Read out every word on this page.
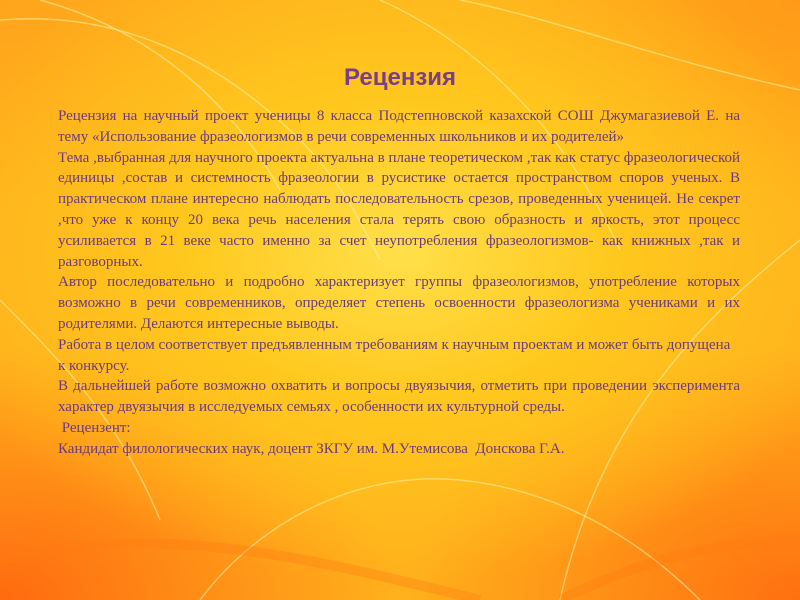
Рецензия

Рецензия на научный проект ученицы 8 класса Подстепновской казахской СОШ Джумагазиевой Е. на тему «Использование фразеологизмов в речи современных школьников и их родителей»

Тема ,выбранная для научного проекта актуальна в плане теоретическом ,так как статус фразеологической единицы ,состав и системность фразеологии в русистике остается пространством споров ученых. В практическом плане интересно наблюдать последовательность срезов, проведенных ученицей. Не секрет ,что уже к концу 20 века речь населения стала терять свою образность и яркость, этот процесс усиливается в 21 веке часто именно за счет неупотребления фразеологизмов- как книжных ,так и разговорных.

Автор последовательно и подробно характеризует группы фразеологизмов, употребление которых возможно в речи современников, определяет степень освоенности фразеологизма учениками и их родителями. Делаются интересные выводы.

Работа в целом соответствует предъявленным требованиям к научным проектам и может быть допущена к конкурсу.

В дальнейшей работе возможно охватить и вопросы двуязычия, отметить при проведении эксперимента характер двуязычия в исследуемых семьях , особенности их культурной среды.

Рецензент:

Кандидат филологических наук, доцент ЗКГУ им. М.Утемисова  Донскова Г.А.
